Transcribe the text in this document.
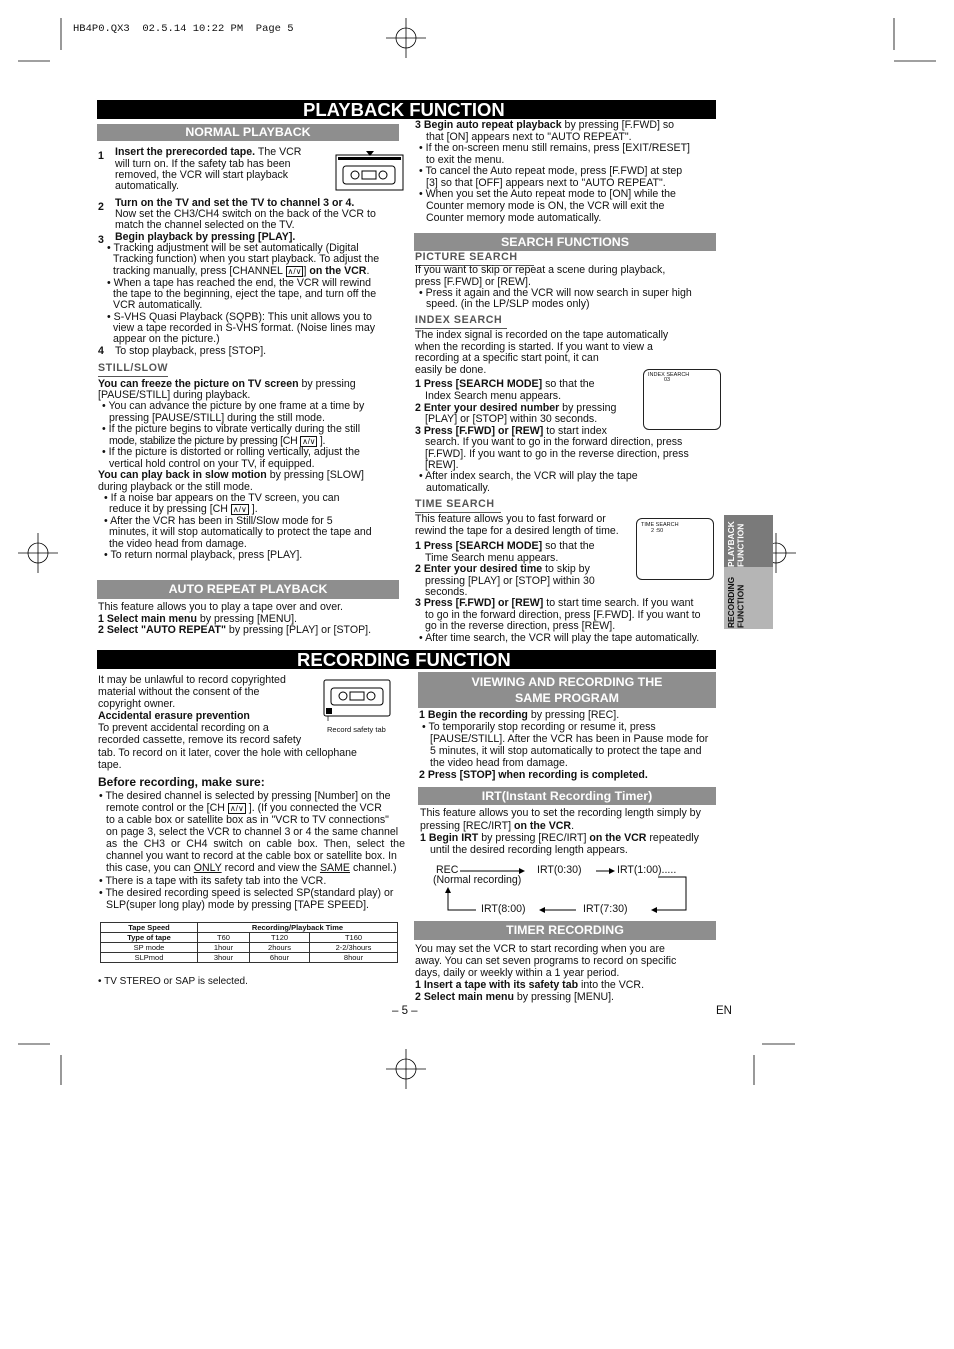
HB4P0.QX3 02.5.14 10:22 PM Page 5
PLAYBACK FUNCTION
NORMAL PLAYBACK
1 Insert the prerecorded tape. The VCR
will turn on. If the safety tab has been
removed, the VCR will start playback
automatically.
2 Turn on the TV and set the TV to channel 3 or 4.
Now set the CH3/CH4 switch on the back of the VCR to
match the channel selected on the TV.
3 Begin playback by pressing [PLAY].
• Tracking adjustment will be set automatically (Digital
Tracking function) when you start playback. To adjust the
tracking manually, press [CHANNEL ∧/∨ ] on the VCR.
• When a tape has reached the end, the VCR will rewind
the tape to the beginning, eject the tape, and turn off the
VCR automatically.
• S-VHS Quasi Playback (SQPB): This unit allows you to
view a tape recorded in S-VHS format. (Noise lines may
appear on the picture.)
4 To stop playback, press [STOP].
STILL/SLOW
You can freeze the picture on TV screen by pressing
[PAUSE/STILL] during playback.
• You can advance the picture by one frame at a time by
pressing [PAUSE/STILL] during the still mode.
• If the picture begins to vibrate vertically during the still
mode, stabilize the picture by pressing [CH ∧/∨ ].
• If the picture is distorted or rolling vertically, adjust the
vertical hold control on your TV, if equipped.
You can play back in slow motion by pressing [SLOW]
during playback or the still mode.
• If a noise bar appears on the TV screen, you can
reduce it by pressing [CH ∧/∨ ].
• After the VCR has been in Still/Slow mode for 5
minutes, it will stop automatically to protect the tape and
the video head from damage.
• To return normal playback, press [PLAY].
AUTO REPEAT PLAYBACK
This feature allows you to play a tape over and over.
1 Select main menu by pressing [MENU].
2 Select "AUTO REPEAT" by pressing [PLAY] or [STOP].
3 Begin auto repeat playback by pressing [F.FWD] so
that [ON] appears next to "AUTO REPEAT".
• If the on-screen menu still remains, press [EXIT/RESET]
to exit the menu.
• To cancel the Auto repeat mode, press [F.FWD] at step
[3] so that [OFF] appears next to "AUTO REPEAT".
• When you set the Auto repeat mode to [ON] while the
Counter memory mode is ON, the VCR will exit the
Counter memory mode automatically.
SEARCH FUNCTIONS
PICTURE SEARCH
If you want to skip or repeat a scene during playback,
press [F.FWD] or [REW].
• Press it again and the VCR will now search in super high
speed. (in the LP/SLP modes only)
INDEX SEARCH
The index signal is recorded on the tape automatically
when the recording is started. If you want to view a
recording at a specific start point, it can
easily be done.
1 Press [SEARCH MODE] so that the
Index Search menu appears.
2 Enter your desired number by pressing
[PLAY] or [STOP] within 30 seconds.
3 Press [F.FWD] or [REW] to start index
search. If you want to go in the forward direction, press
[F.FWD]. If you want to go in the reverse direction, press
[REW].
• After index search, the VCR will play the tape
automatically.
INDEX SEARCH
03
TIME SEARCH
This feature allows you to fast forward or
rewind the tape for a desired length of time.
1 Press [SEARCH MODE] so that the
Time Search menu appears.
2 Enter your desired time to skip by
pressing [PLAY] or [STOP] within 30
seconds.
3 Press [F.FWD] or [REW] to start time search. If you want
to go in the forward direction, press [F.FWD]. If you want to
go in the reverse direction, press [REW].
• After time search, the VCR will play the tape automatically.
TIME SEARCH
2 :50	PLAYBACK FUNCTION
RECORDING FUNCTION
RECORDING FUNCTION
It may be unlawful to record copyrighted
material without the consent of the
copyright owner.
Accidental erasure prevention
To prevent accidental recording on a
recorded cassette, remove its record safety
tab. To record on it later, cover the hole with cellophane
tape.
Record safety tab
Before recording, make sure:
• The desired channel is selected by pressing [Number] on the
remote control or the [CH ∧/∨ ]. (If you connected the VCR
to a cable box or satellite box as in "VCR to TV connections"
on page 3, select the VCR to channel 3 or 4 the same channel
as the CH3 or CH4 switch on cable box. Then, select the
channel you want to record at the cable box or satellite box. In
this case, you can ONLY record and view the SAME channel.)
• There is a tape with its safety tab into the VCR.
• The desired recording speed is selected SP(standard play) or
SLP(super long play) mode by pressing [TAPE SPEED].
Tape Speed	Recording/Playback Time		
Type of tape	T60	T120	T160
SP mode	1hour	2hours	2-2/3hours
SLPmod	3hour	6hour	8hour
• TV STEREO or SAP is selected.
VIEWING AND RECORDING THE
SAME PROGRAM
1 Begin the recording by pressing [REC].
• To temporarily stop recording or resume it, press
[PAUSE/STILL]. After the VCR has been in Pause mode for
5 minutes, it will stop automatically to protect the tape and
the video head from damage.
2 Press [STOP] when recording is completed.
IRT(Instant Recording Timer)
This feature allows you to set the recording length simply by
pressing [REC/IRT] on the VCR.
1 Begin IRT by pressing [REC/IRT] on the VCR repeatedly
until the desired recording length appears.
REC
(Normal recording)
IRT(0:30)	IRT(1:00).....
IRT(8:00)	IRT(7:30)
TIMER RECORDING
You may set the VCR to start recording when you are
away. You can set seven programs to record on specific
days, daily or weekly within a 1 year period.
1 Insert a tape with its safety tab into the VCR.
2 Select main menu by pressing [MENU].
– 5 –	EN
